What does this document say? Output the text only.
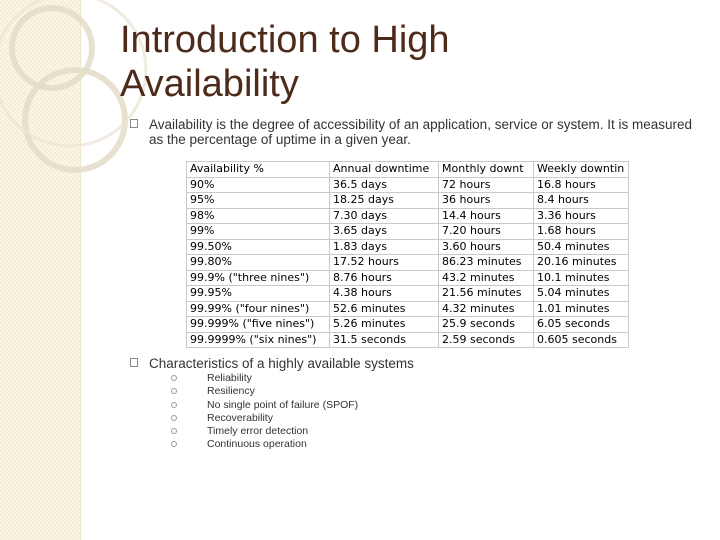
Introduction to High
Availability
Availability is the degree of accessibility of an application, service or system. It is measured as the percentage of uptime in a given year.
Availability %	Annual downtime	Monthly downt	Weekly downtin
90%	36.5 days	72 hours	16.8 hours
95%	18.25 days	36 hours	8.4 hours
98%	7.30 days	14.4 hours	3.36 hours
99%	3.65 days	7.20 hours	1.68 hours
99.50%	1.83 days	3.60 hours	50.4 minutes
99.80%	17.52 hours	86.23 minutes	20.16 minutes
99.9% ("three nines")	8.76 hours	43.2 minutes	10.1 minutes
99.95%	4.38 hours	21.56 minutes	5.04 minutes
99.99% ("four nines")	52.6 minutes	4.32 minutes	1.01 minutes
99.999% ("five nines")	5.26 minutes	25.9 seconds	6.05 seconds
99.9999% ("six nines")	31.5 seconds	2.59 seconds	0.605 seconds
Characteristics of a highly available systems
Reliability
Resiliency
No single point of failure (SPOF)
Recoverability
Timely error detection
Continuous operation
